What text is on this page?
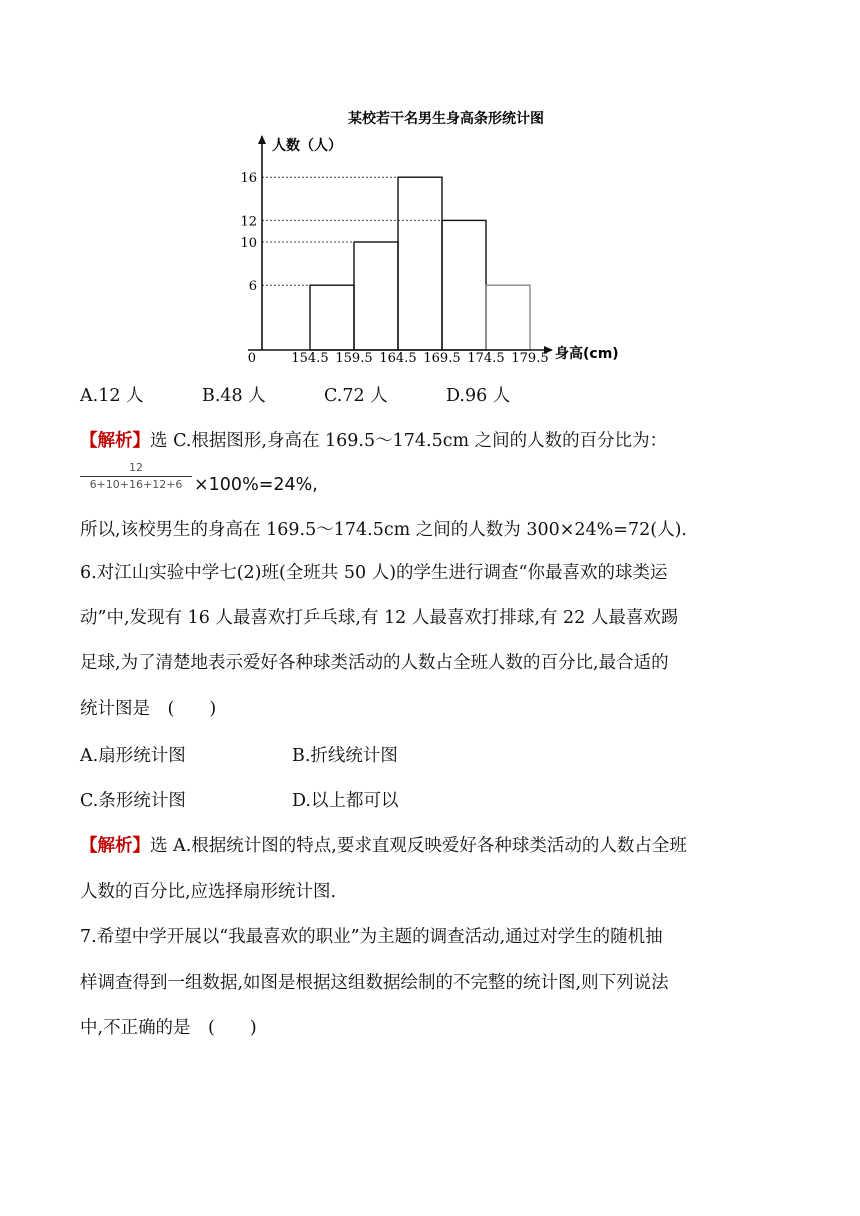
某校若干名男生身高条形统计图
人数（人）
身高(cm)
0
6
10
12
16
154.5 159.5 164.5 169.5 174.5 179.5
A.12 人	B.48 人	C.72 人	D.96 人
【解析】选 C.根据图形,身高在 169.5～174.5cm 之间的人数的百分比为：
12
6+10+16+12+6 ×100%=24%,
所以,该校男生的身高在 169.5～174.5cm 之间的人数为 300×24%=72(人).
6.对江山实验中学七(2)班(全班共 50 人)的学生进行调查“你最喜欢的球类运
动”中,发现有 16 人最喜欢打乒乓球,有 12 人最喜欢打排球,有 22 人最喜欢踢
足球,为了清楚地表示爱好各种球类活动的人数占全班人数的百分比,最合适的
统计图是　(　　)
A.扇形统计图	B.折线统计图
C.条形统计图	D.以上都可以
【解析】选 A.根据统计图的特点,要求直观反映爱好各种球类活动的人数占全班
人数的百分比,应选择扇形统计图.
7.希望中学开展以“我最喜欢的职业”为主题的调查活动,通过对学生的随机抽
样调查得到一组数据,如图是根据这组数据绘制的不完整的统计图,则下列说法
中,不正确的是　(　　)
